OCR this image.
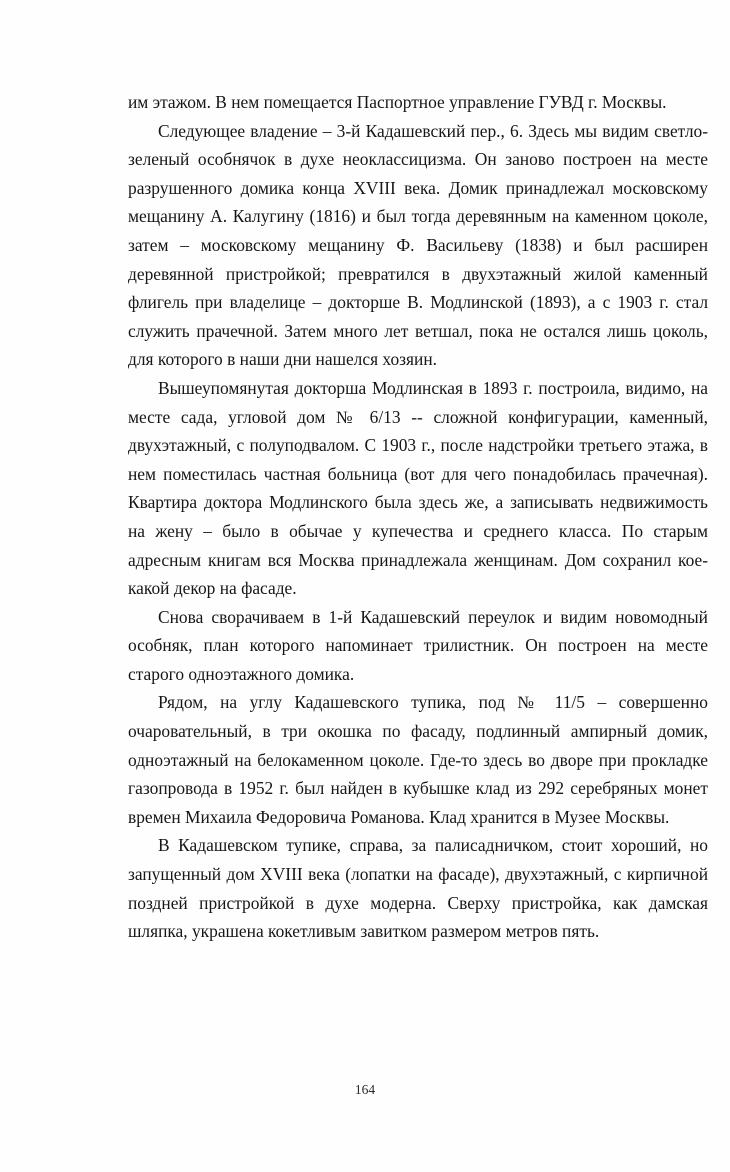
им этажом. В нем помещается Паспортное управление ГУВД г. Москвы.

Следующее владение – 3-й Кадашевский пер., 6. Здесь мы видим светло-зеленый особнячок в духе неоклассицизма. Он заново построен на месте разрушенного домика конца XVIII века. Домик принадлежал московскому мещанину А. Калугину (1816) и был тогда деревянным на каменном цоколе, затем – московскому мещанину Ф. Васильеву (1838) и был расширен деревянной пристройкой; превратился в двухэтажный жилой каменный флигель при владелице – докторше В. Модлинской (1893), а с 1903 г. стал служить прачечной. Затем много лет ветшал, пока не остался лишь цоколь, для которого в наши дни нашелся хозяин.

Вышеупомянутая докторша Модлинская в 1893 г. построила, видимо, на месте сада, угловой дом № 6/13 -- сложной конфигурации, каменный, двухэтажный, с полуподвалом. С 1903 г., после надстройки третьего этажа, в нем поместилась частная больница (вот для чего понадобилась прачечная). Квартира доктора Модлинского была здесь же, а записывать недвижимость на жену – было в обычае у купечества и среднего класса. По старым адресным книгам вся Москва принадлежала женщинам. Дом сохранил кое-какой декор на фасаде.

Снова сворачиваем в 1-й Кадашевский переулок и видим новомодный особняк, план которого напоминает трилистник. Он построен на месте старого одноэтажного домика.

Рядом, на углу Кадашевского тупика, под № 11/5 – совершенно очаровательный, в три окошка по фасаду, подлинный ампирный домик, одноэтажный на белокаменном цоколе. Где-то здесь во дворе при прокладке газопровода в 1952 г. был найден в кубышке клад из 292 серебряных монет времен Михаила Федоровича Романова. Клад хранится в Музее Москвы.

В Кадашевском тупике, справа, за палисадничком, стоит хороший, но запущенный дом XVIII века (лопатки на фасаде), двухэтажный, с кирпичной поздней пристройкой в духе модерна. Сверху пристройка, как дамская шляпка, украшена кокетливым завитком размером метров пять.

164
